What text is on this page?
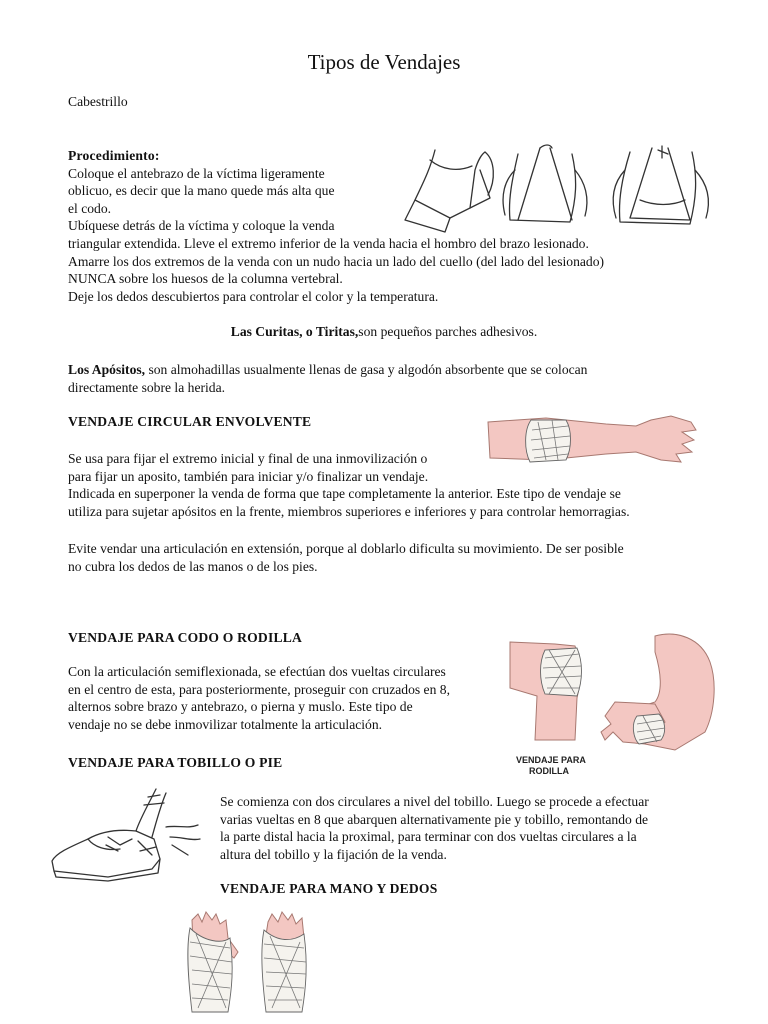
Tipos de Vendajes
Cabestrillo
Procedimiento:
Coloque el antebrazo de la víctima ligeramente
oblicuo, es decir que la mano quede más alta que
el codo.
Ubíquese detrás de la víctima y coloque la venda
triangular extendida. Lleve el extremo inferior de la venda hacia el hombro del brazo lesionado.
Amarre los dos extremos de la venda con un nudo hacia un lado del cuello (del lado del lesionado)
NUNCA sobre los huesos de la columna vertebral.
Deje los dedos descubiertos para controlar el color y la temperatura.
Las Curitas, o Tiritas,son pequeños parches adhesivos.
Los Apósitos, son almohadillas usualmente llenas de gasa y algodón absorbente que se colocan
directamente sobre la herida.
VENDAJE CIRCULAR ENVOLVENTE
Se usa para fijar el extremo inicial y final de una inmovilización o
para fijar un aposito, también para iniciar y/o finalizar un vendaje.
Indicada en superponer la venda de forma que tape completamente la anterior. Este tipo de vendaje se
utiliza para sujetar apósitos en la frente, miembros superiores e inferiores y para controlar hemorragias.
Evite vendar una articulación en extensión, porque al doblarlo dificulta su movimiento. De ser posible
no cubra los dedos de las manos o de los pies.
VENDAJE PARA CODO O RODILLA
Con la articulación semiflexionada, se efectúan dos vueltas circulares
en el centro de esta, para posteriormente, proseguir con cruzados en 8,
alternos sobre brazo y antebrazo, o pierna y muslo. Este tipo de
vendaje no se debe inmovilizar totalmente la articulación.
VENDAJE PARA
RODILLA
VENDAJE PARA TOBILLO O PIE
Se comienza con dos circulares a nivel del tobillo. Luego se procede a efectuar
varias vueltas en 8 que abarquen alternativamente pie y tobillo, remontando de
la parte distal hacia la proximal, para terminar con dos vueltas circulares a la
altura del tobillo y la fijación de la venda.
VENDAJE PARA MANO Y DEDOS
